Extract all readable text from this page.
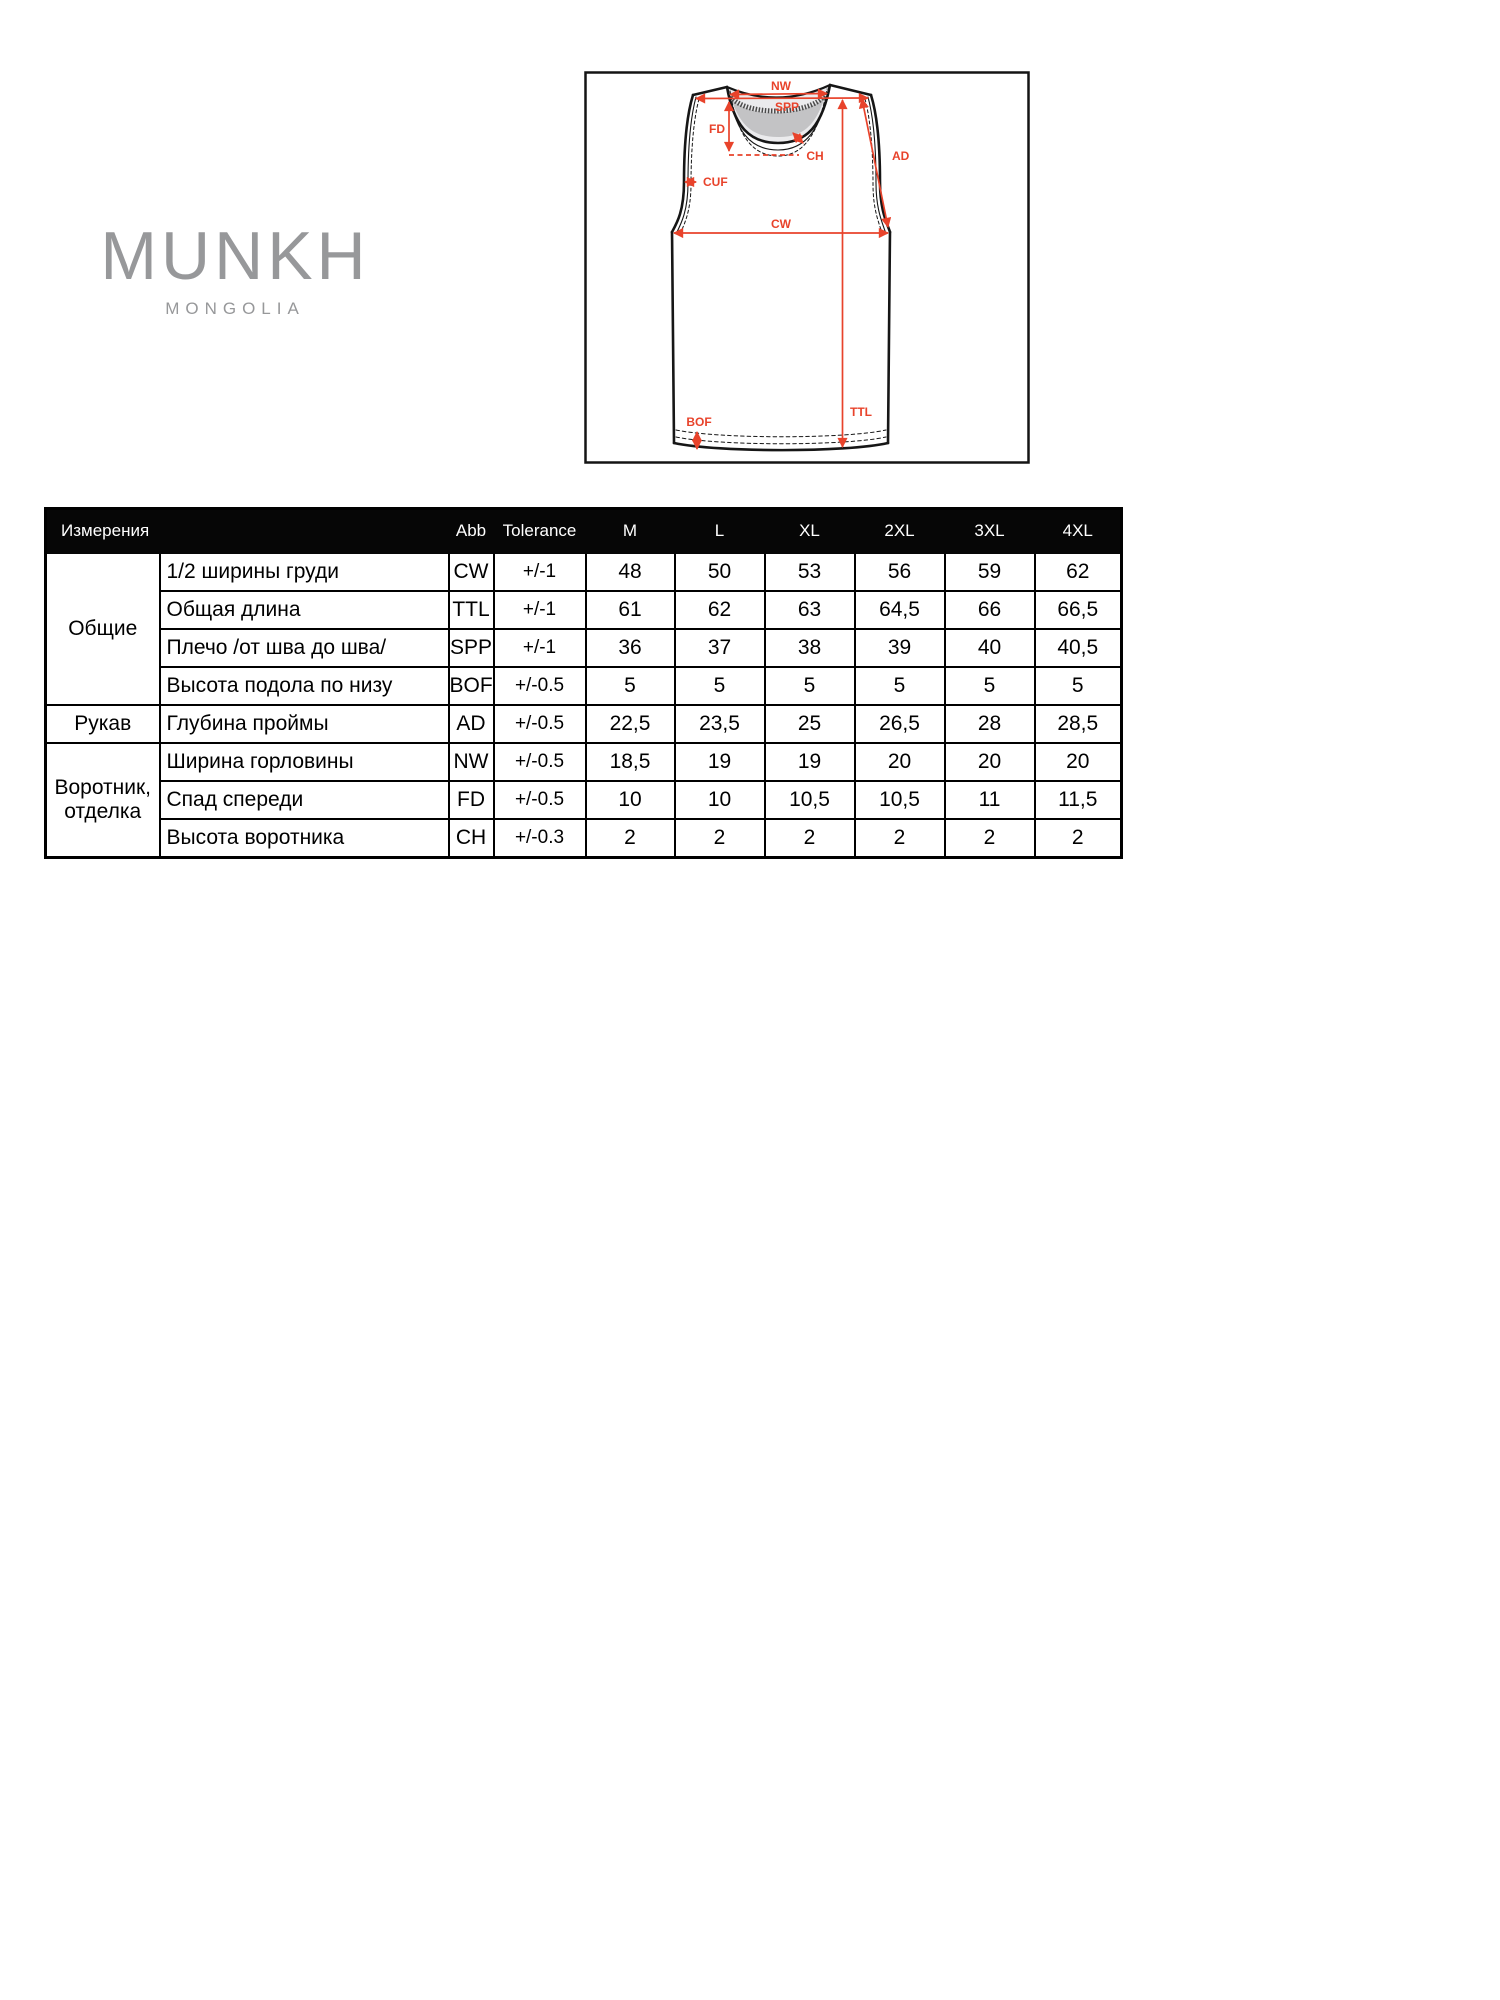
MUNKH
MONGOLIA
NW
SPP
FD
CH	AD
CUF
CW
TTL
BOF
Измерения		Abb	Tolerance	M	L	XL	2XL	3XL	4XL
Общие	1/2 ширины груди	CW	+/-1	48	50	53	56	59	62
	Общая длина	TTL	+/-1	61	62	63	64,5	66	66,5
	Плечо /от шва до шва/	SPP	+/-1	36	37	38	39	40	40,5
	Высота подола по низу	BOF	+/-0.5	5	5	5	5	5	5
Рукав	Глубина проймы	AD	+/-0.5	22,5	23,5	25	26,5	28	28,5
Воротник, отделка	Ширина горловины	NW	+/-0.5	18,5	19	19	20	20	20
	Спад спереди	FD	+/-0.5	10	10	10,5	10,5	11	11,5
	Высота воротника	CH	+/-0.3	2	2	2	2	2	2
